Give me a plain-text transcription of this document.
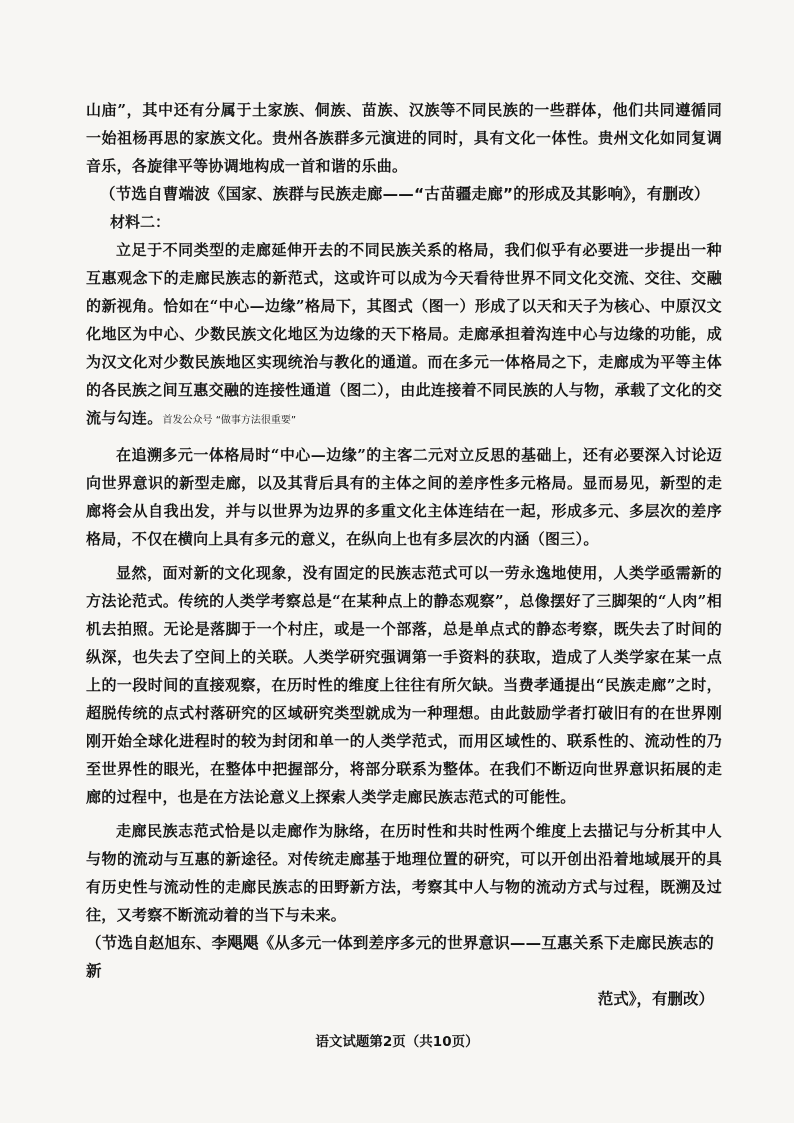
山庙”，其中还有分属于土家族、侗族、苗族、汉族等不同民族的一些群体，他们共同遵循同一始祖杨再思的家族文化。贵州各族群多元演进的同时，具有文化一体性。贵州文化如同复调音乐，各旋律平等协调地构成一首和谐的乐曲。

（节选自曹端波《国家、族群与民族走廊——“古苗疆走廊”的形成及其影响》，有删改）

材料二：

立足于不同类型的走廊延伸开去的不同民族关系的格局，我们似乎有必要进一步提出一种互惠观念下的走廊民族志的新范式，这或许可以成为今天看待世界不同文化交流、交往、交融的新视角。恰如在“中心—边缘”格局下，其图式（图一）形成了以天和天子为核心、中原汉文化地区为中心、少数民族文化地区为边缘的天下格局。走廊承担着沟连中心与边缘的功能，成为汉文化对少数民族地区实现统治与教化的通道。而在多元一体格局之下，走廊成为平等主体的各民族之间互惠交融的连接性通道（图二），由此连接着不同民族的人与物，承载了文化的交流与勾连。首发公众号 “做事方法很重要”

在追溯多元一体格局时“中心—边缘”的主客二元对立反思的基础上，还有必要深入讨论迈向世界意识的新型走廊，以及其背后具有的主体之间的差序性多元格局。显而易见，新型的走廊将会从自我出发，并与以世界为边界的多重文化主体连结在一起，形成多元、多层次的差序格局，不仅在横向上具有多元的意义，在纵向上也有多层次的内涵（图三）。

显然，面对新的文化现象，没有固定的民族志范式可以一劳永逸地使用，人类学亟需新的方法论范式。传统的人类学考察总是“在某种点上的静态观察”，总像摆好了三脚架的“人肉”相机去拍照。无论是落脚于一个村庄，或是一个部落，总是单点式的静态考察，既失去了时间的纵深，也失去了空间上的关联。人类学研究强调第一手资料的获取，造成了人类学家在某一点上的一段时间的直接观察，在历时性的维度上往往有所欠缺。当费孝通提出“民族走廊”之时，超脱传统的点式村落研究的区域研究类型就成为一种理想。由此鼓励学者打破旧有的在世界刚刚开始全球化进程时的较为封闭和单一的人类学范式，而用区域性的、联系性的、流动性的乃至世界性的眼光，在整体中把握部分，将部分联系为整体。在我们不断迈向世界意识拓展的走廊的过程中，也是在方法论意义上探索人类学走廊民族志范式的可能性。

走廊民族志范式恰是以走廊作为脉络，在历时性和共时性两个维度上去描记与分析其中人与物的流动与互惠的新途径。对传统走廊基于地理位置的研究，可以开创出沿着地域展开的具有历史性与流动性的走廊民族志的田野新方法，考察其中人与物的流动方式与过程，既溯及过往，又考察不断流动着的当下与未来。

（节选自赵旭东、李飓飓《从多元一体到差序多元的世界意识——互惠关系下走廊民族志的新

范式》，有删改）

语文试题第2页（共10页）
